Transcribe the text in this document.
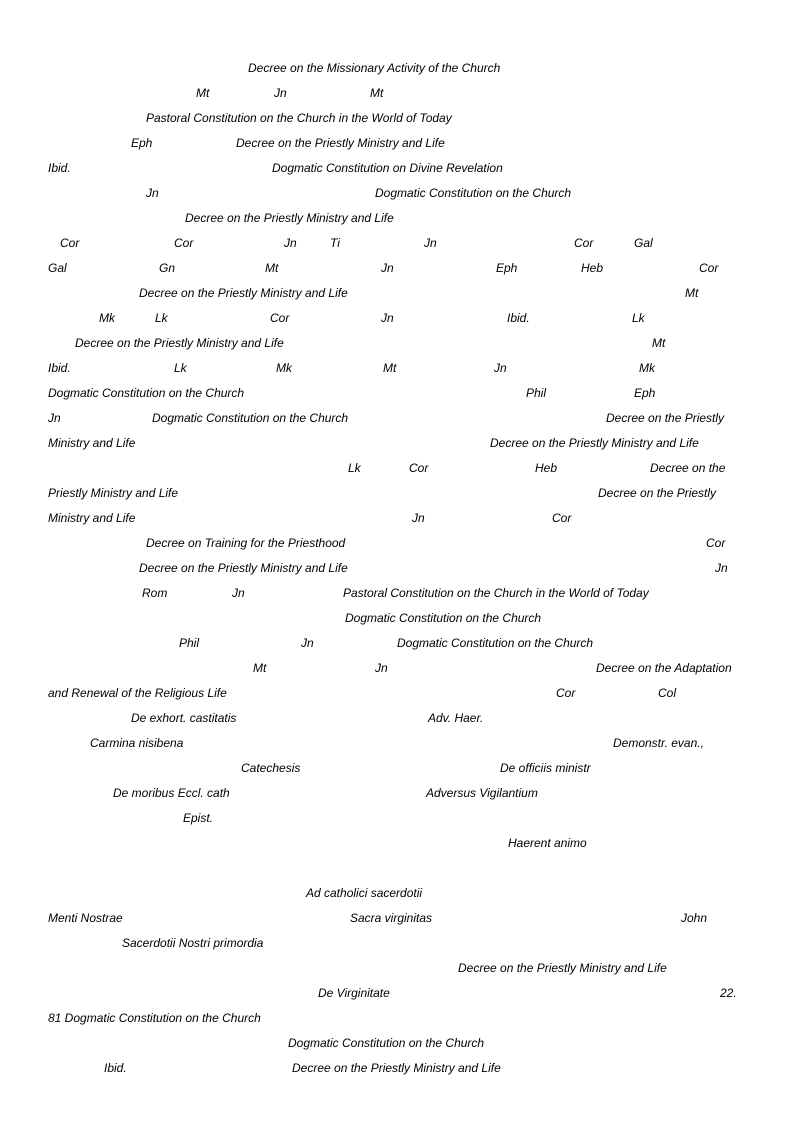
Decree on the Missionary Activity of the Church
Mt	Jn	Mt
Pastoral Constitution on the Church in the World of Today
Eph	Decree on the Priestly Ministry and Life
Ibid.	Dogmatic Constitution on Divine Revelation
Jn	Dogmatic Constitution on the Church
Decree on the Priestly Ministry and Life
Cor	Cor	Jn	Ti	Jn	Cor	Gal
Gal	Gn	Mt	Jn	Eph	Heb	Cor
Decree on the Priestly Ministry and Life	Mt
Mk	Lk	Cor	Jn	Ibid.	Lk
Decree on the Priestly Ministry and Life	Mt
Ibid.	Lk	Mk	Mt	Jn	Mk
Dogmatic Constitution on the Church	Phil	Eph
Jn	Dogmatic Constitution on the Church	Decree on the Priestly
Ministry and Life	Decree on the Priestly Ministry and Life
Lk	Cor	Heb	Decree on the
Priestly Ministry and Life	Decree on the Priestly
Ministry and Life	Jn	Cor
Decree on Training for the Priesthood	Cor
Decree on the Priestly Ministry and Life	Jn
Rom	Jn	Pastoral Constitution on the Church in the World of Today
Dogmatic Constitution on the Church
Phil	Jn	Dogmatic Constitution on the Church
Mt	Jn	Decree on the Adaptation
and Renewal of the Religious Life	Cor	Col
De exhort. castitatis	Adv. Haer.
Carmina nisibena	Demonstr. evan.,
Catechesis	De officiis ministr
De moribus Eccl. cath	Adversus Vigilantium
Epist.
Haerent animo
Ad catholici sacerdotii
Menti Nostrae	Sacra virginitas	John
Sacerdotii Nostri primordia
Decree on the Priestly Ministry and Life
De Virginitate	22.
81 Dogmatic Constitution on the Church
Dogmatic Constitution on the Church
Ibid.	Decree on the Priestly Ministry and Life
